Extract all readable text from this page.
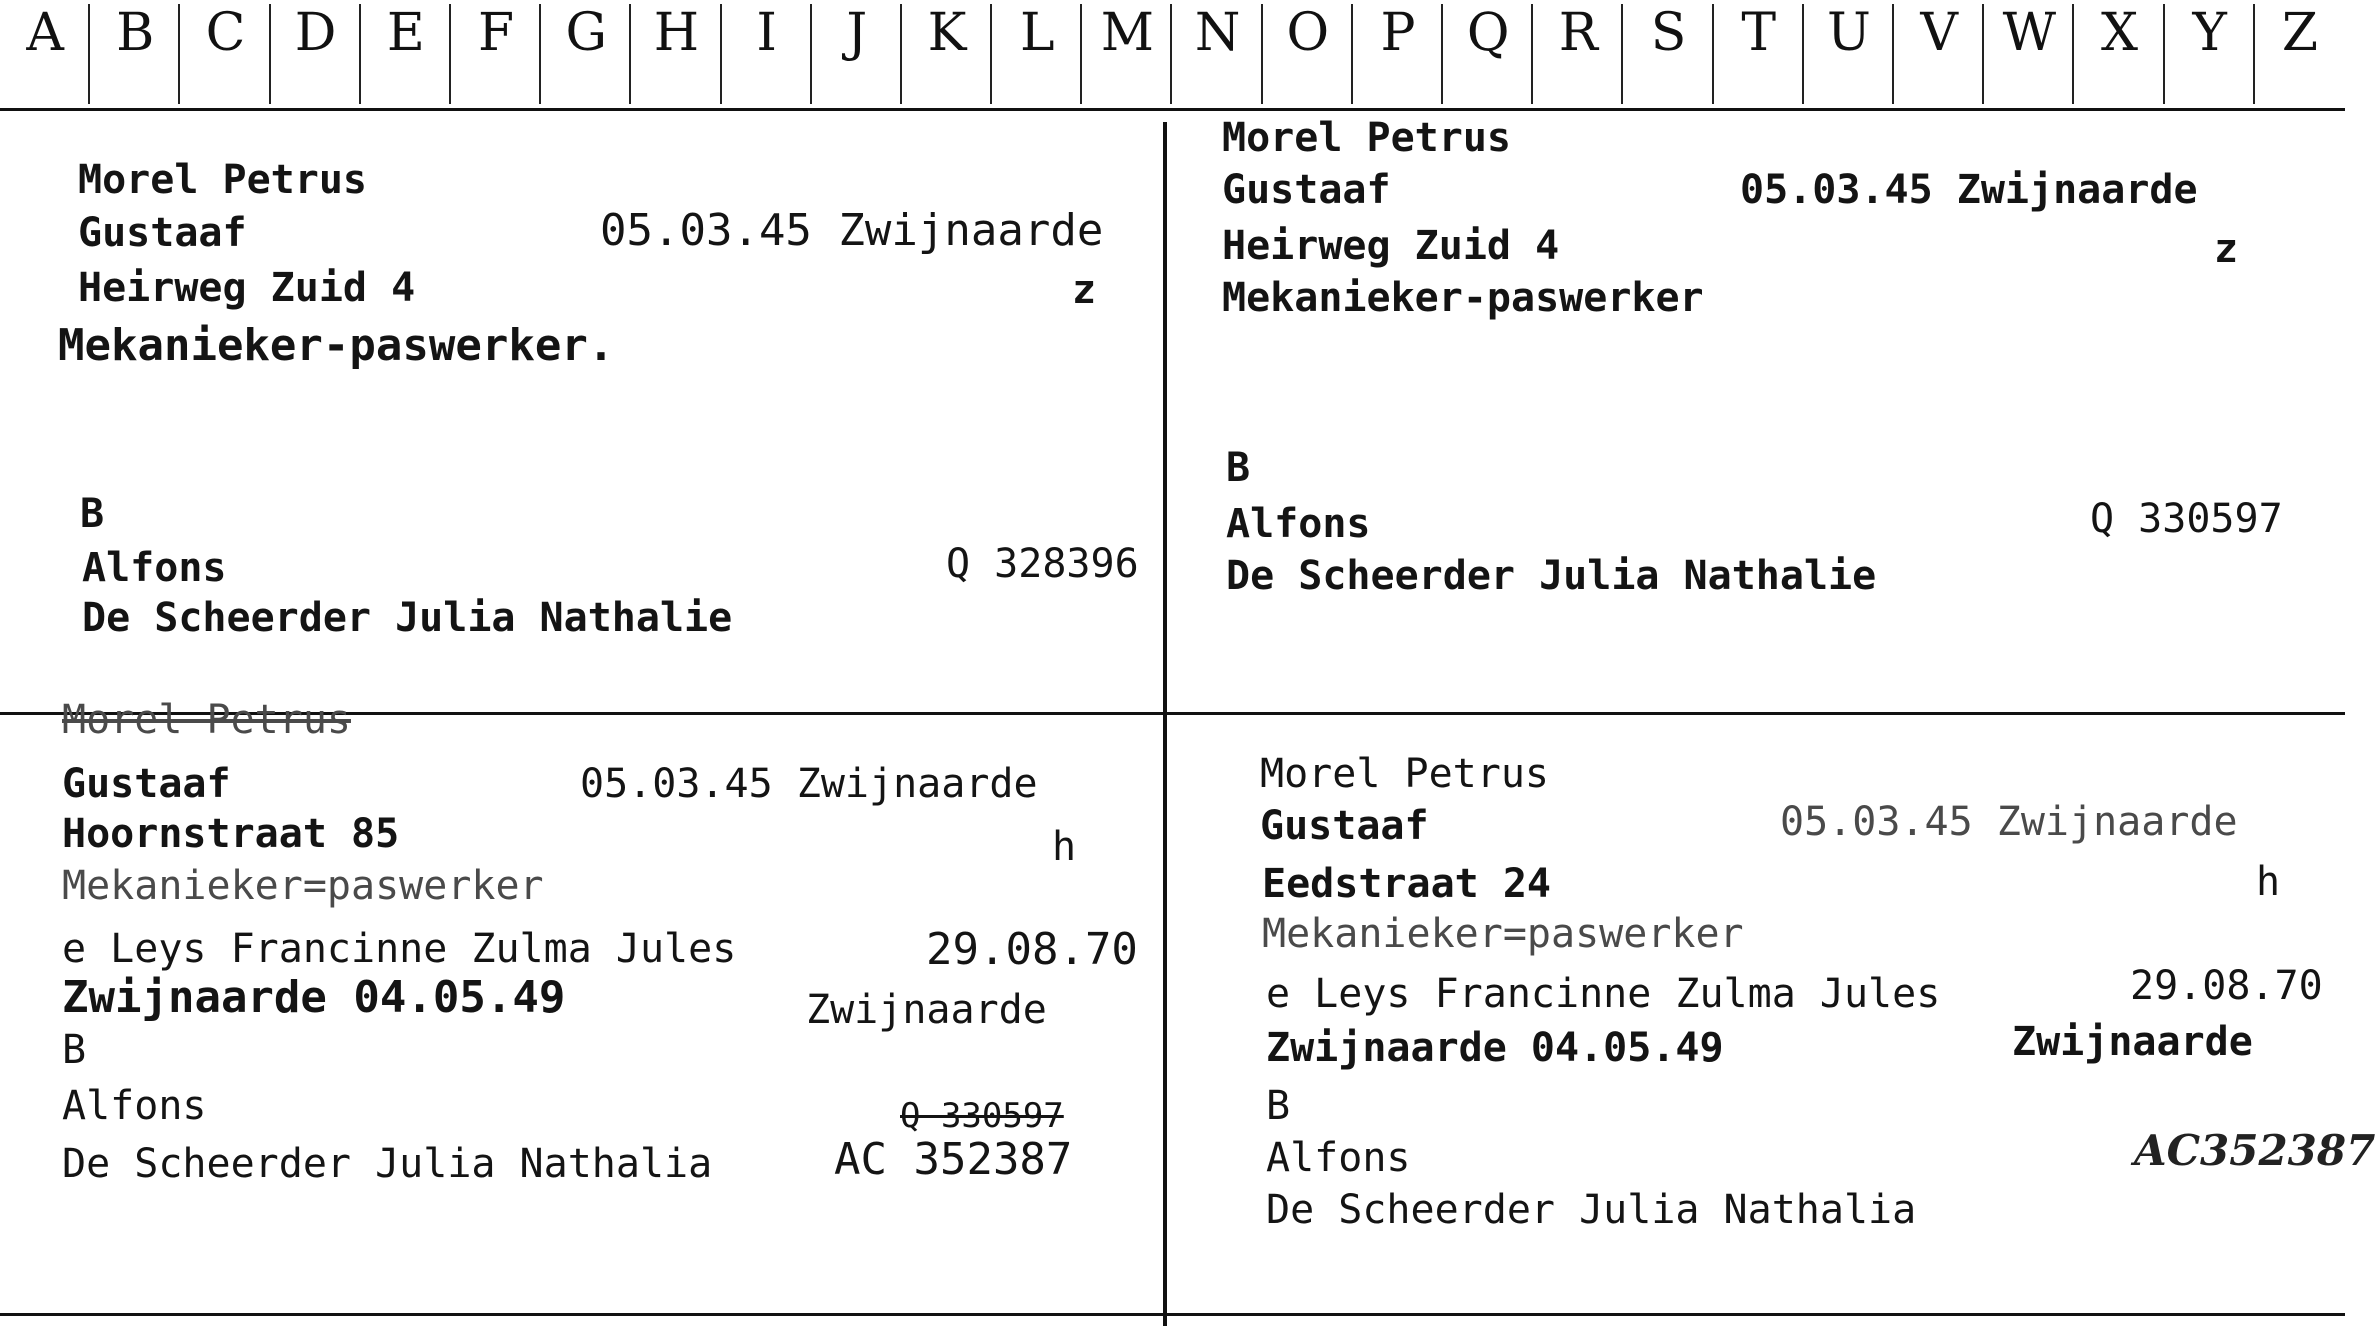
A	B C D E	F G H	I	J	K	L M N O P Q R	S	T U V W X	Y	Z
Morel Petrus
Gustaaf	05.03.45 Zwijnaarde
Heirweg Zuid 4	z
Mekanieker-paswerker.
B
Alfons	Q 328396
De Scheerder Julia Nathalie
Morel Petrus
Gustaaf	05.03.45 Zwijnaarde
Heirweg Zuid 4	z
Mekanieker-paswerker
B
Alfons	Q 330597
De Scheerder Julia Nathalie
Morel Petrus
Gustaaf	05.03.45 Zwijnaarde
Hoornstraat 85	h
Mekanieker=paswerker
e Leys Francinne Zulma Jules	29.08.70
Zwijnaarde 04.05.49	Zwijnaarde
B
Alfons	Q 330597
De Scheerder Julia Nathalia	AC 352387
Morel Petrus
Gustaaf	05.03.45 Zwijnaarde
Eedstraat 24	h
Mekanieker=paswerker
e Leys Francinne Zulma Jules	29.08.70
Zwijnaarde 04.05.49	Zwijnaarde
B
Alfons	AC352387
De Scheerder Julia Nathalia
